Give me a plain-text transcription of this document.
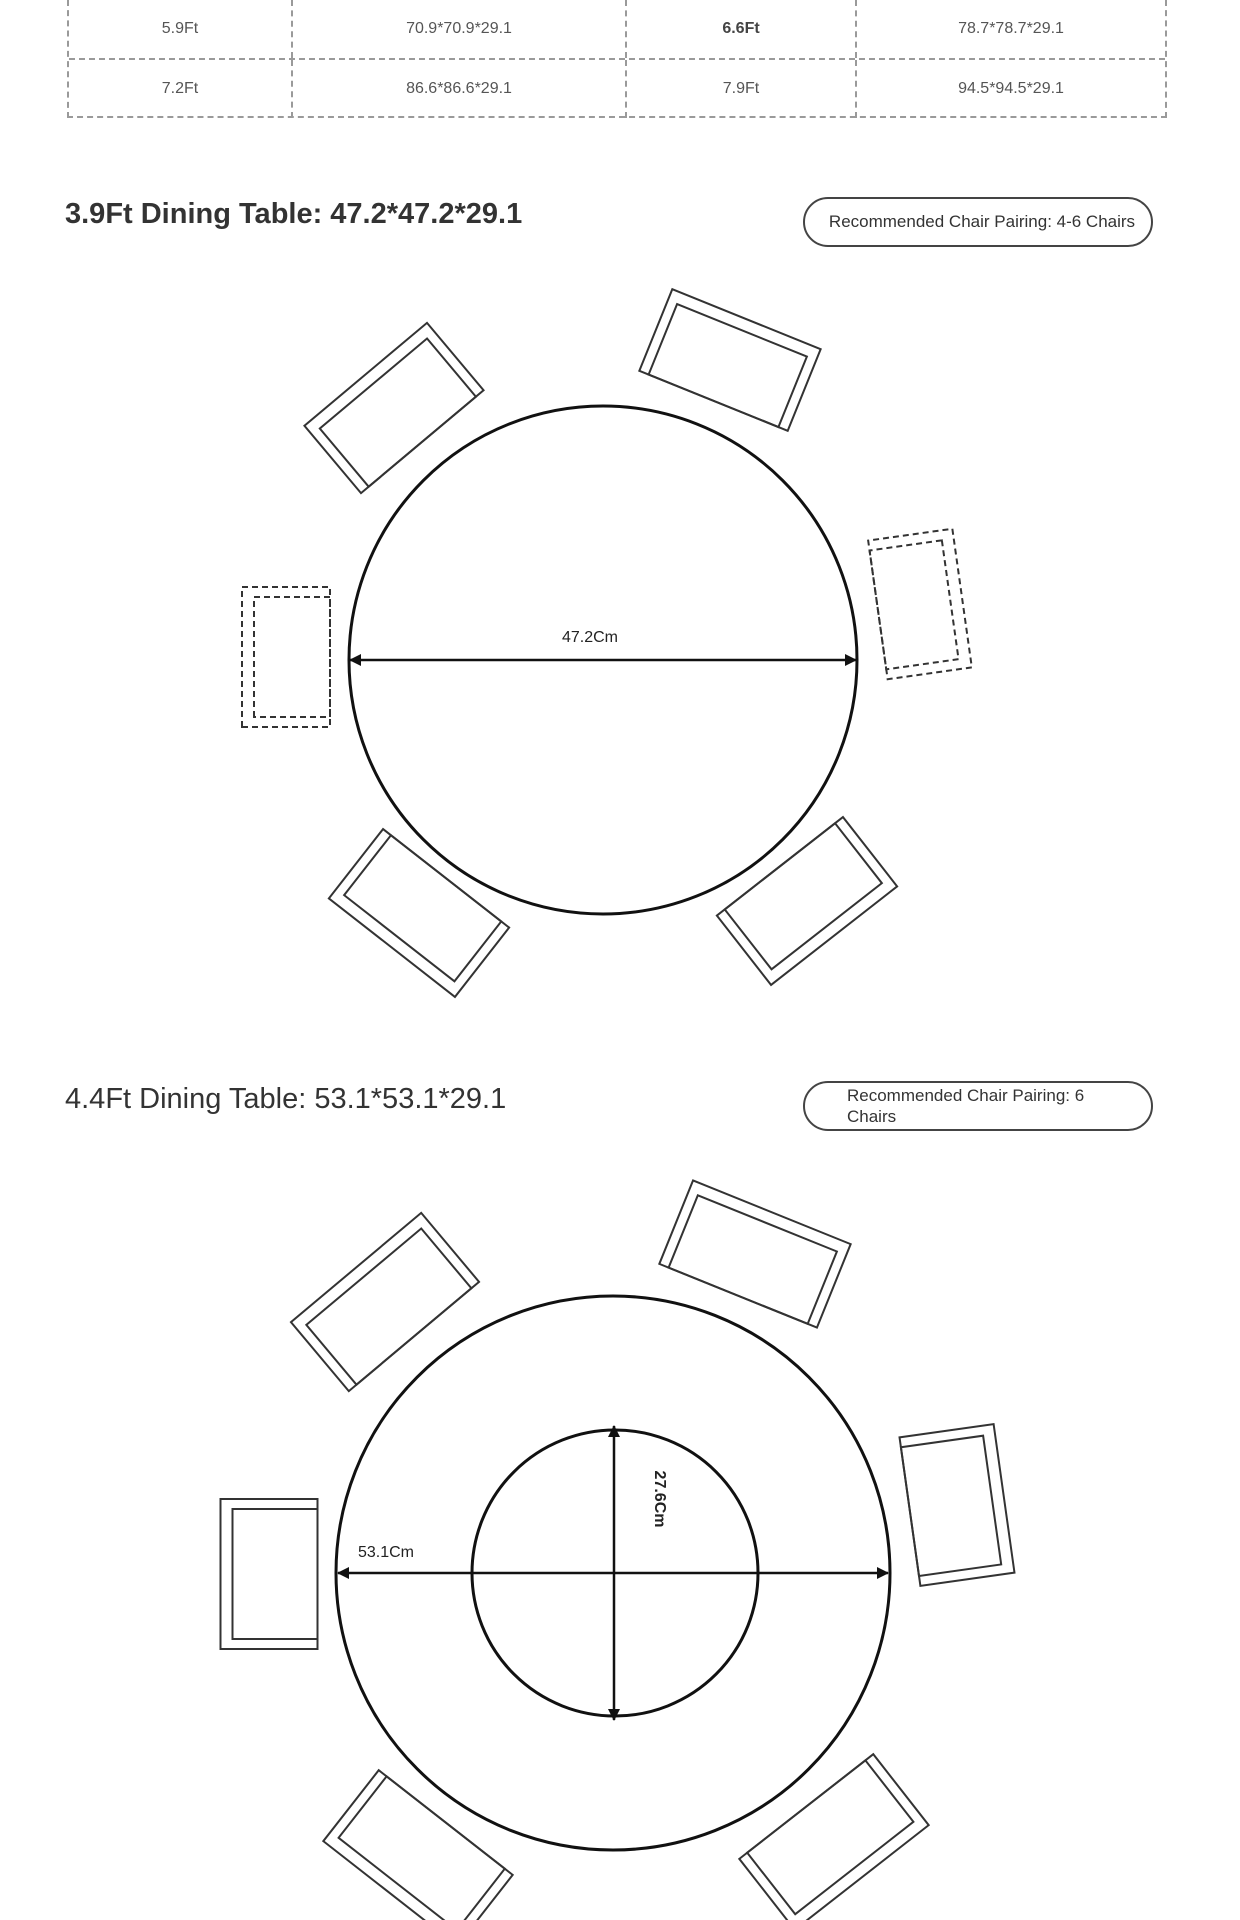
5.9Ft	70.9*70.9*29.1	6.6Ft	78.7*78.7*29.1
7.2Ft	86.6*86.6*29.1	7.9Ft	94.5*94.5*29.1
3.9Ft Dining Table: 47.2*47.2*29.1	Recommended Chair Pairing: 4-6 Chairs
47.2Cm
4.4Ft Dining Table: 53.1*53.1*29.1	Recommended Chair Pairing: 6 Chairs
53.1Cm
27.6Cm
